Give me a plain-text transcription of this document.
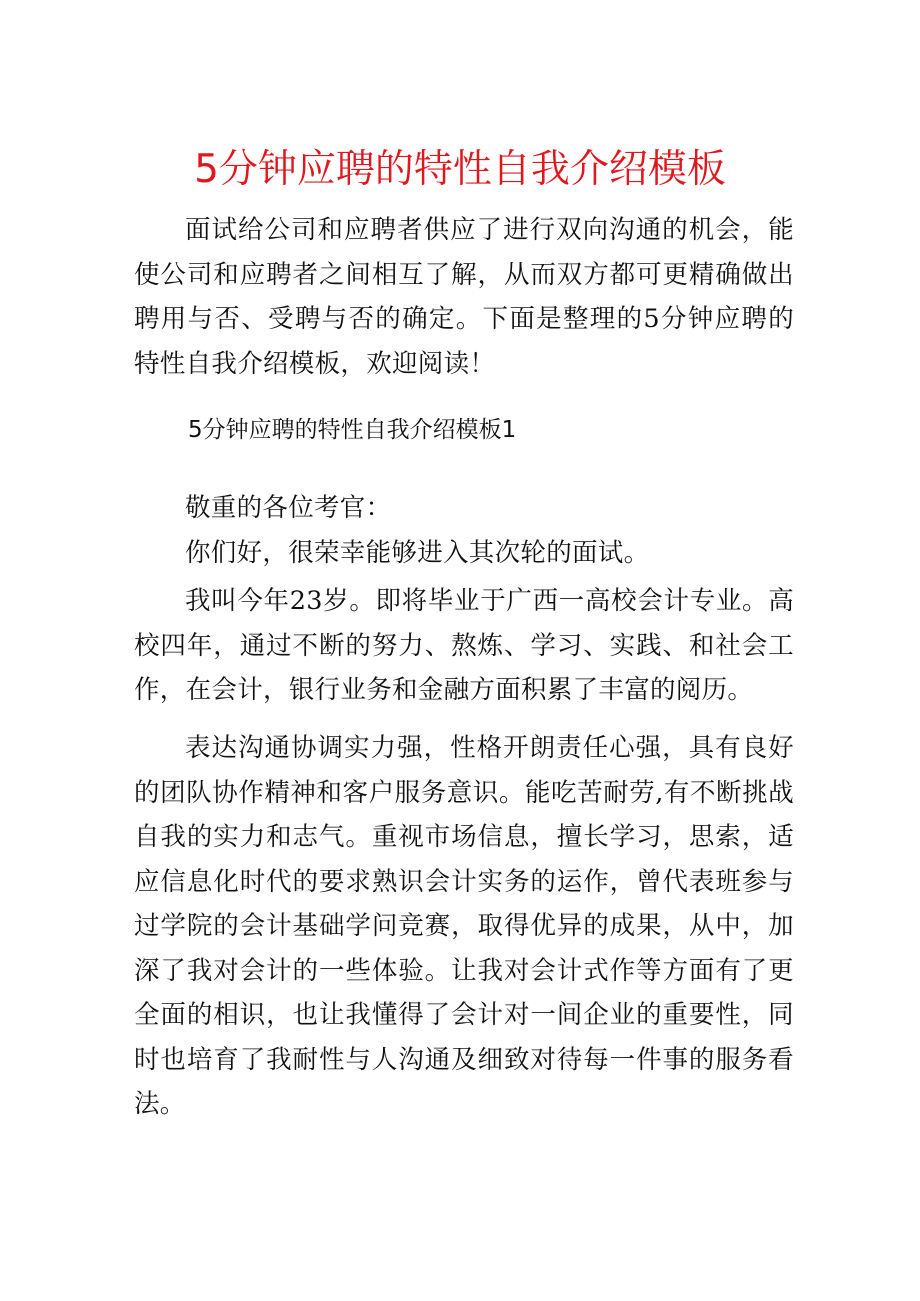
5分钟应聘的特性自我介绍模板

面试给公司和应聘者供应了进行双向沟通的机会，能使公司和应聘者之间相互了解，从而双方都可更精确做出聘用与否、受聘与否的确定。下面是整理的5分钟应聘的特性自我介绍模板，欢迎阅读！

5分钟应聘的特性自我介绍模板1

敬重的各位考官：

你们好，很荣幸能够进入其次轮的面试。

我叫今年23岁。即将毕业于广西一高校会计专业。高校四年，通过不断的努力、熬炼、学习、实践、和社会工作，在会计，银行业务和金融方面积累了丰富的阅历。

表达沟通协调实力强，性格开朗责任心强，具有良好的团队协作精神和客户服务意识。能吃苦耐劳,有不断挑战自我的实力和志气。重视市场信息，擅长学习，思索，适应信息化时代的要求熟识会计实务的运作，曾代表班参与过学院的会计基础学问竞赛，取得优异的成果，从中，加深了我对会计的一些体验。让我对会计式作等方面有了更全面的相识，也让我懂得了会计对一间企业的重要性，同时也培育了我耐性与人沟通及细致对待每一件事的服务看法。
